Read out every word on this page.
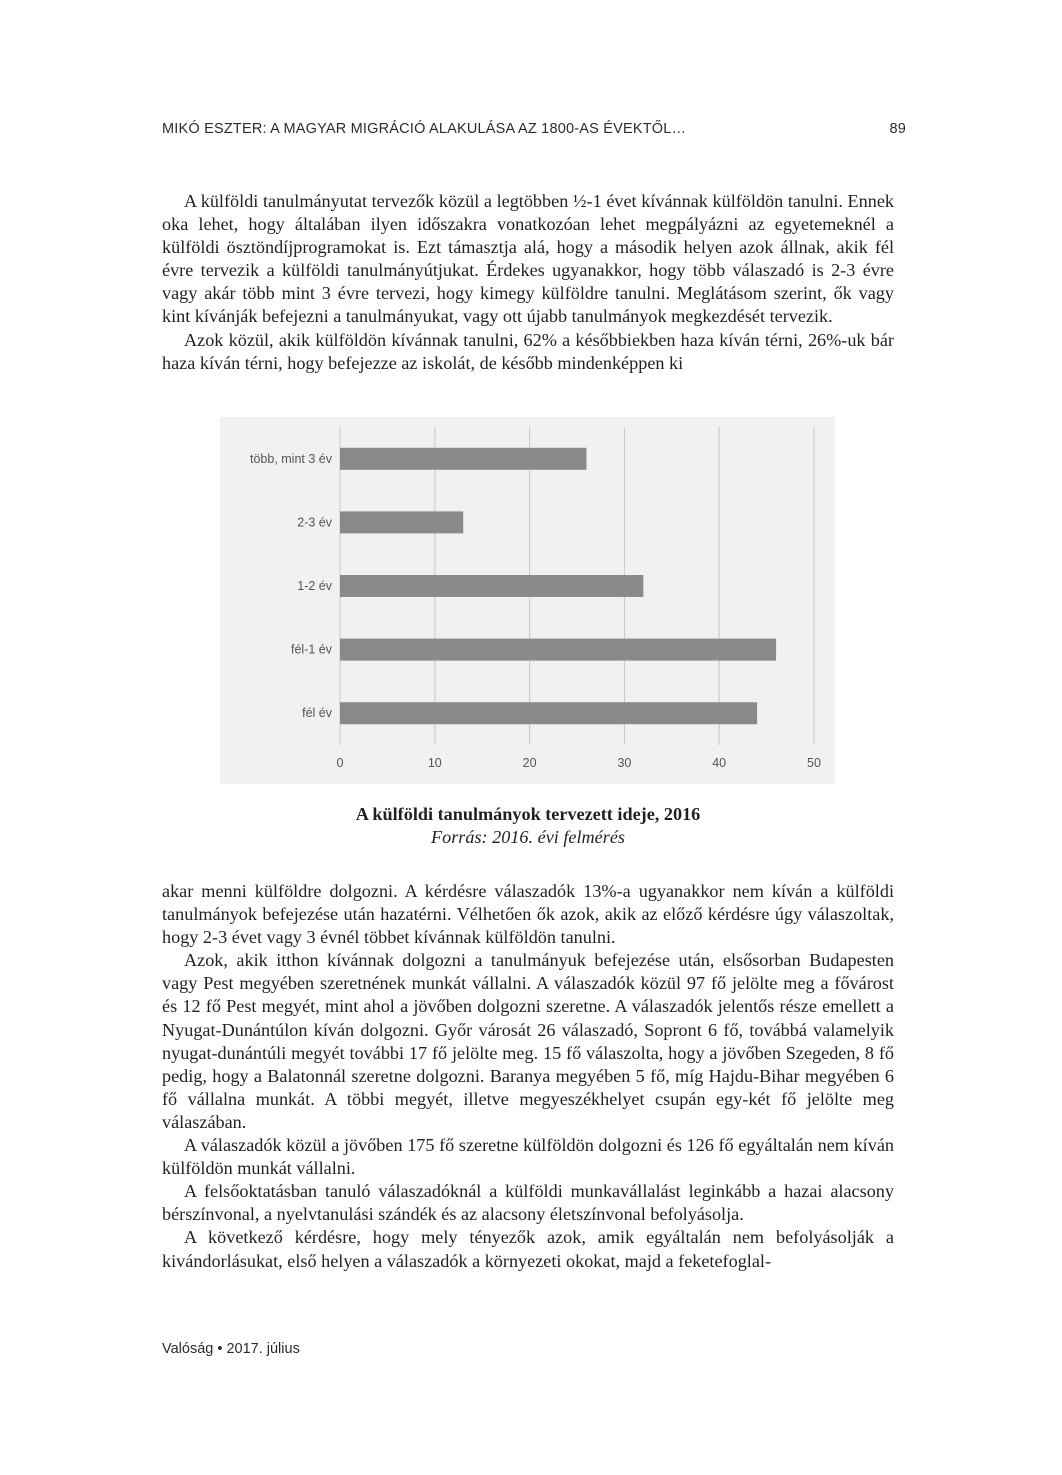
MIKÓ ESZTER: A MAGYAR MIGRÁCIÓ ALAKULÁSA AZ 1800-AS ÉVEKTŐL…	89

A külföldi tanulmányutat tervezők közül a legtöbben ½-1 évet kívánnak külföldön tanulni. Ennek oka lehet, hogy általában ilyen időszakra vonatkozóan lehet megpályázni az egyetemeknél a külföldi ösztöndíjprogramokat is. Ezt támasztja alá, hogy a második helyen azok állnak, akik fél évre tervezik a külföldi tanulmányútjukat. Érdekes ugyanakkor, hogy több válaszadó is 2-3 évre vagy akár több mint 3 évre tervezi, hogy kimegy külföldre tanulni. Meglátásom szerint, ők vagy kint kívánják befejezni a tanulmányukat, vagy ott újabb tanulmányok megkezdését tervezik.

Azok közül, akik külföldön kívánnak tanulni, 62% a későbbiekben haza kíván térni, 26%-uk bár haza kíván térni, hogy befejezze az iskolát, de később mindenképpen ki

0	10	20	30	40	50
több, mint 3 év
2-3 év
1-2 év
fél-1 év
fél év
A külföldi tanulmányok tervezett ideje, 2016
Forrás: 2016. évi felmérés

akar menni külföldre dolgozni. A kérdésre válaszadók 13%-a ugyanakkor nem kíván a külföldi tanulmányok befejezése után hazatérni. Vélhetően ők azok, akik az előző kérdésre úgy válaszoltak, hogy 2-3 évet vagy 3 évnél többet kívánnak külföldön tanulni.

Azok, akik itthon kívánnak dolgozni a tanulmányuk befejezése után, elsősorban Budapesten vagy Pest megyében szeretnének munkát vállalni. A válaszadók közül 97 fő jelölte meg a fővárost és 12 fő Pest megyét, mint ahol a jövőben dolgozni szeretne. A válaszadók jelentős része emellett a Nyugat-Dunántúlon kíván dolgozni. Győr városát 26 válaszadó, Sopront 6 fő, továbbá valamelyik nyugat-dunántúli megyét további 17 fő jelölte meg. 15 fő válaszolta, hogy a jövőben Szegeden, 8 fő pedig, hogy a Balatonnál szeretne dolgozni. Baranya megyében 5 fő, míg Hajdu-Bihar megyében 6 fő vállalna munkát. A többi megyét, illetve megyeszékhelyet csupán egy-két fő jelölte meg válaszában.

A válaszadók közül a jövőben 175 fő szeretne külföldön dolgozni és 126 fő egyáltalán nem kíván külföldön munkát vállalni.

A felsőoktatásban tanuló válaszadóknál a külföldi munkavállalást leginkább a hazai alacsony bérszínvonal, a nyelvtanulási szándék és az alacsony életszínvonal befolyásolja.

A következő kérdésre, hogy mely tényezők azok, amik egyáltalán nem befolyásolják a kivándorlásukat, első helyen a válaszadók a környezeti okokat, majd a feketefoglal-

Valóság • 2017. július
